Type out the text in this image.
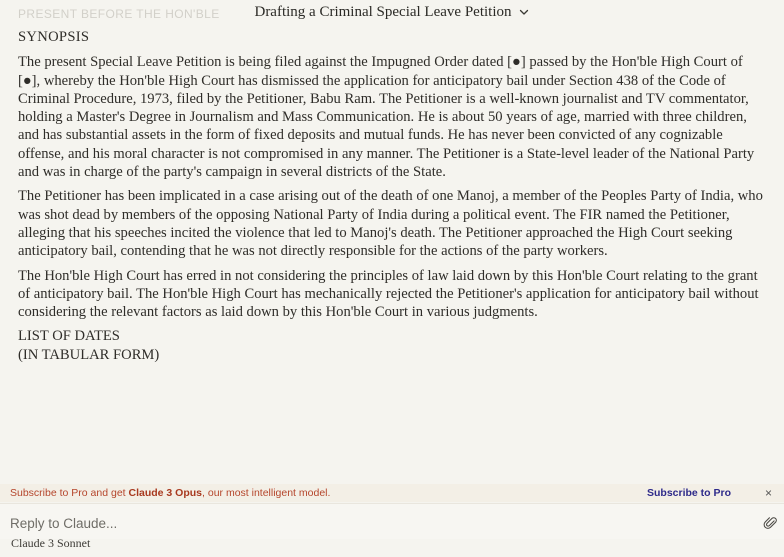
PRESENT BEFORE THE HON'BLE Drafting a Criminal Special Leave Petition
SYNOPSIS

The present Special Leave Petition is being filed against the Impugned Order dated [●] passed by the Hon'ble High Court of [●], whereby the Hon'ble High Court has dismissed the application for anticipatory bail under Section 438 of the Code of Criminal Procedure, 1973, filed by the Petitioner, Babu Ram. The Petitioner is a well-known journalist and TV commentator, holding a Master's Degree in Journalism and Mass Communication. He is about 50 years of age, married with three children, and has substantial assets in the form of fixed deposits and mutual funds. He has never been convicted of any cognizable offense, and his moral character is not compromised in any manner. The Petitioner is a State-level leader of the National Party and was in charge of the party's campaign in several districts of the State.

The Petitioner has been implicated in a case arising out of the death of one Manoj, a member of the Peoples Party of India, who was shot dead by members of the opposing National Party of India during a political event. The FIR named the Petitioner, alleging that his speeches incited the violence that led to Manoj's death. The Petitioner approached the High Court seeking anticipatory bail, contending that he was not directly responsible for the actions of the party workers.

The Hon'ble High Court has erred in not considering the principles of law laid down by this Hon'ble Court relating to the grant of anticipatory bail. The Hon'ble High Court has mechanically rejected the Petitioner's application for anticipatory bail without considering the relevant factors as laid down by this Hon'ble Court in various judgments.

LIST OF DATES
(IN TABULAR FORM)
Subscribe to Pro and get Claude 3 Opus, our most intelligent model.	Subscribe to Pro	×
Reply to Claude...
Claude 3 Sonnet
